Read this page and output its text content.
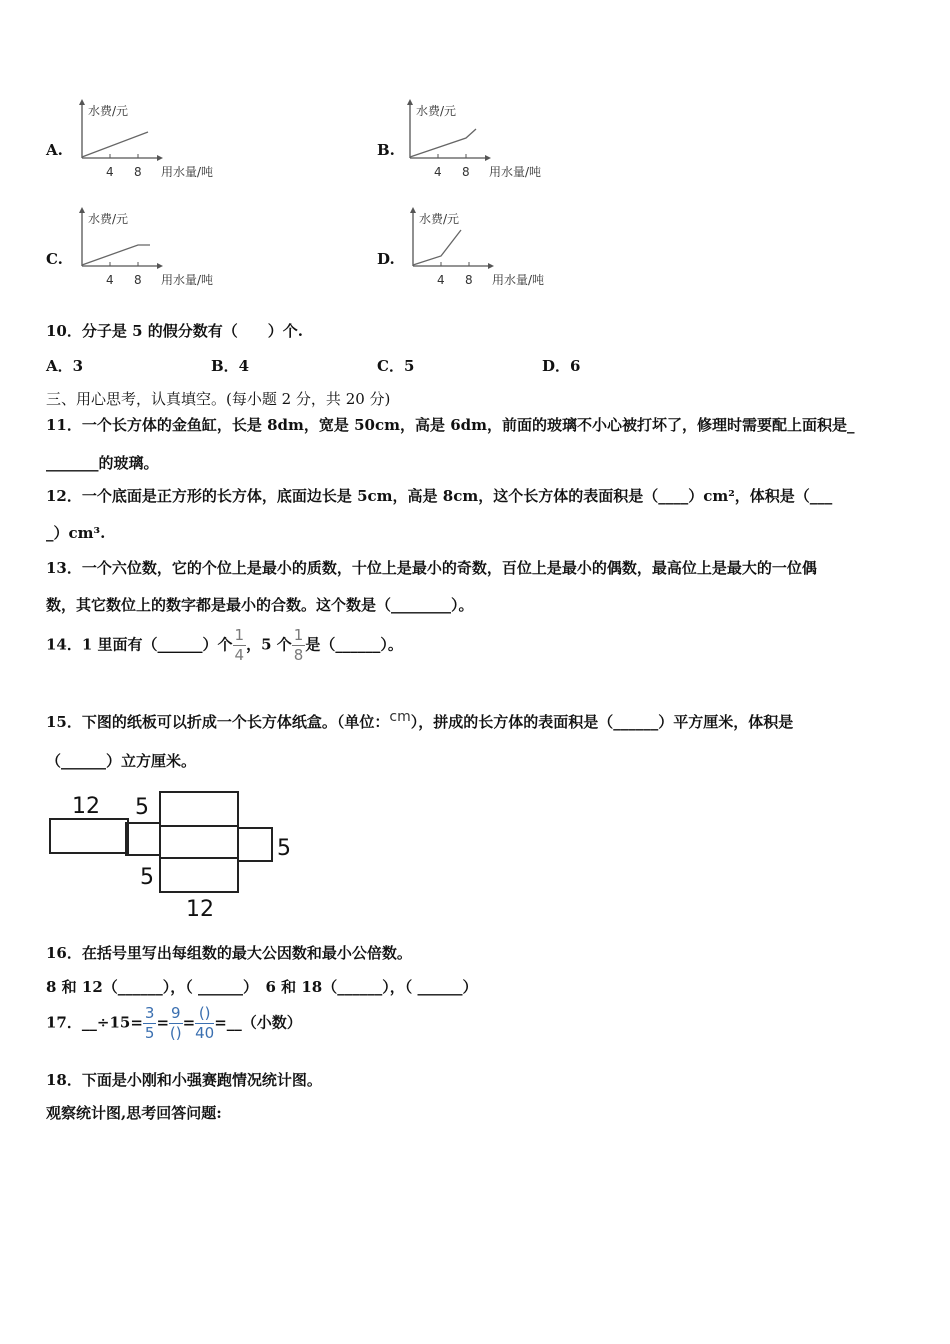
A.
水费/元
4 8 用水量/吨
B.
水费/元
4 8 用水量/吨
C.
水费/元
4 8 用水量/吨
D.
水费/元
4 8 用水量/吨
10．分子是 5 的假分数有（　　）个.
A．3	B．4	C．5	D．6
三、用心思考，认真填空。(每小题 2 分，共 20 分)
11．一个长方体的金鱼缸，长是 8dm，宽是 50cm，高是 6dm，前面的玻璃不小心被打坏了，修理时需要配上面积是_
_______的玻璃。
12．一个底面是正方形的长方体，底面边长是 5cm，高是 8cm，这个长方体的表面积是（____）cm²，体积是（___
_）cm³.
13．一个六位数，它的个位上是最小的质数，十位上是最小的奇数，百位上是最小的偶数，最高位上是最大的一位偶
数，其它数位上的数字都是最小的合数。这个数是（________）。
14．1 里面有（______）个 $\frac{1}{4}$ ，5 个 $\frac{1}{8}$ 是（______）。
15．下图的纸板可以折成一个长方体纸盒。（单位：cm），拼成的长方体的表面积是（______）平方厘米，体积是
（______）立方厘米。
12 5
5
5
12
16．在括号里写出每组数的最大公因数和最小公倍数。
8 和 12（______），（ ______）　6 和 18（______），（ ______）
17．__÷15= $\frac{3}{5} = \frac{9}{()} = \frac{()}{40}$ =__（小数）
18．下面是小刚和小强赛跑情况统计图。
观察统计图,思考回答问题:
